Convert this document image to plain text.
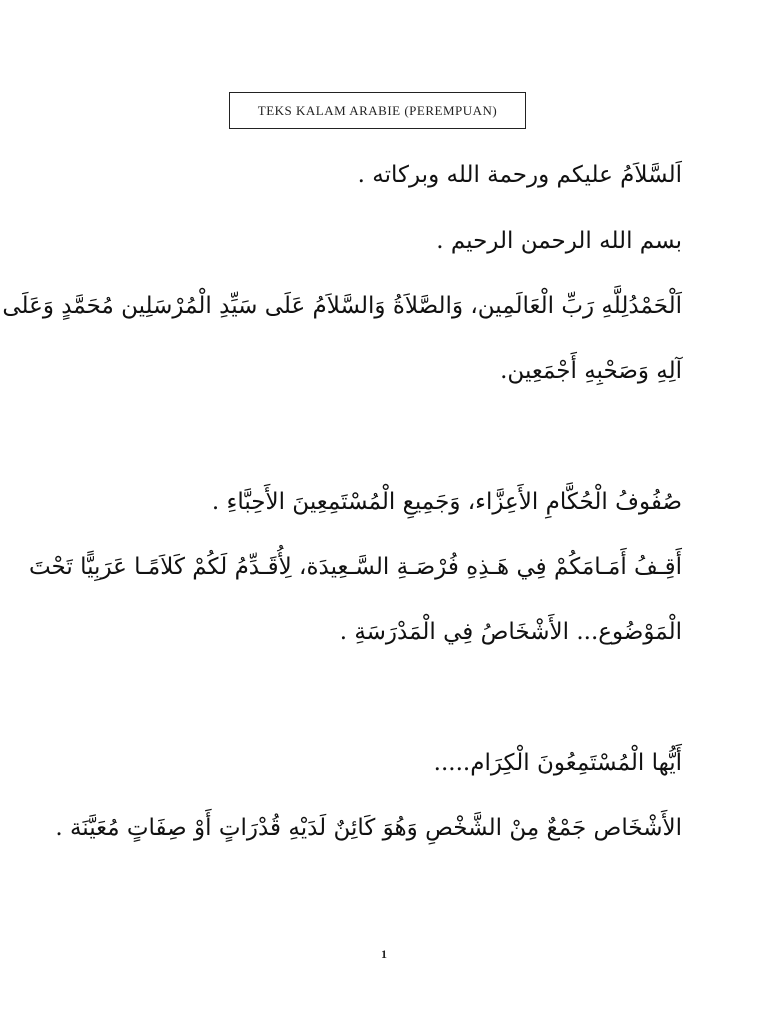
TEKS KALAM ARABIE (PEREMPUAN)
اَلسَّلاَمُ عليكم ورحمة الله وبركاته .
بسم الله الرحمن الرحيم .
اَلْحَمْدُلِلَّهِ رَبِّ الْعَالَمِين، وَالصَّلاَةُ وَالسَّلاَمُ عَلَى سَيِّدِ الْمُرْسَلِين مُحَمَّدٍ وَعَلَى
آلِهِ وَصَحْبِهِ أَجْمَعِين.
صُفُوفُ الْحُكَّامِ الأَعِزَّاء، وَجَمِيعِ الْمُسْتَمِعِينَ الأَحِبَّاءِ .
أَقِـفُ أَمَـامَكُمْ فِي هَـذِهِ فُرْصَـةِ السَّـعِيدَة، لِأُقَـدِّمُ لَكُمْ كَلاَمًـا عَرَبِيًّا تَحْتَ
الْمَوْضُوع... الأَشْخَاصُ فِي الْمَدْرَسَةِ .
أَيُّها الْمُسْتَمِعُونَ الْكِرَام.....
الأَشْخَاص جَمْعٌ مِنْ الشَّخْصِ وَهُوَ كَائِنٌ لَدَيْهِ قُدْرَاتٍ أَوْ صِفَاتٍ مُعَيَّنَة .
1
